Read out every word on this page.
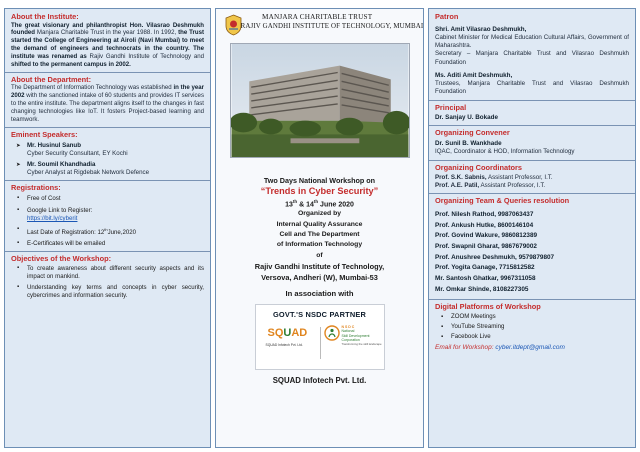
About the Institute:

The great visionary and philanthropist Hon. Vilasrao Deshmukh founded Manjara Charitable Trust in the year 1988. In 1992, the Trust started the College of Engineering at Airoli (Navi Mumbai) to meet the demand of engineers and technocrats in the country. The institute was renamed as Rajiv Gandhi Institute of Technology and shifted to the permanent campus in 2002.

About the Department:

The Department of Information Technology was established in the year 2002 with the sanctioned intake of 60 students and provides IT services to the entire institute. The department aligns itself to the changes in fast changing technologies like IoT. It fosters Project-based learning and teamwork.

Eminent Speakers:
➤ Mr. Husinul Sanub
Cyber Security Consultant, EY Kochi
➤ Mr. Soumil Khandhadia
Cyber Analyst at Rigdebak Network Defence
Registrations:
▪ Free of Cost
▪ Google Link to Register:
https://bit.ly/cyberit
▪ Last Date of Registration: 12thJune,2020
▪ E-Certificates will be emailed
Objectives of the Workshop:
▪ To create awareness about different security aspects and its impact on mankind.
▪ Understanding key terms and concepts in cyber security, cybercrimes and information security.
MANJARA CHARITABLE TRUST
RAJIV GANDHI INSTITUTE OF TECHNOLOGY, MUMBAI
Two Days National Workshop on
“Trends in Cyber Security”
13th & 14th June 2020
Organized by
Internal Quality Assurance
Cell and The Department
of Information Technology
of
Rajiv Gandhi Institute of Technology,
Versova, Andheri (W), Mumbai-53
In association with
GOVT.'S NSDC PARTNER
SQUAD
SQUAD Infotech Pvt. Ltd.
N S D C
National
Skill Development
Corporation
Transforming the skill landscape
SQUAD Infotech Pvt. Ltd.
Patron
Shri. Amit Vilasrao Deshmukh,
Cabinet Minister for Medical Education Cultural Affairs, Government of Maharashtra.
Secretary – Manjara Charitable Trust and Vilasrao Deshmukh Foundation
Ms. Aditi Amit Deshmukh,
Trustees, Manjara Charitable Trust and Vilasrao Deshmukh Foundation
Principal
Dr. Sanjay U. Bokade
Organizing Convener
Dr. Sunil B. Wankhade
IQAC, Coordinator & HOD, Information Technology
Organizing Coordinators
Prof. S.K. Sabnis, Assistant Professor, I.T.
Prof. A.E. Patil, Assistant Professor, I.T.
Organizing Team & Queries resolution
Prof. Nilesh Rathod, 9987063437
Prof. Ankush Hutke, 8600146104
Prof. Govind Wakure, 9860812389
Prof. Swapnil Gharat, 9867679002
Prof. Anushree Deshmukh, 9579879807
Prof. Yogita Ganage, 7715812582
Mr. Santosh Ghatkar, 9967311058
Mr. Omkar Shinde, 8108227305
Digital Platforms of Workshop
▪ ZOOM Meetings
▪ YouTube Streaming
▪ Facebook Live
Email for Workshop: cyber.itdept@gmail.com
